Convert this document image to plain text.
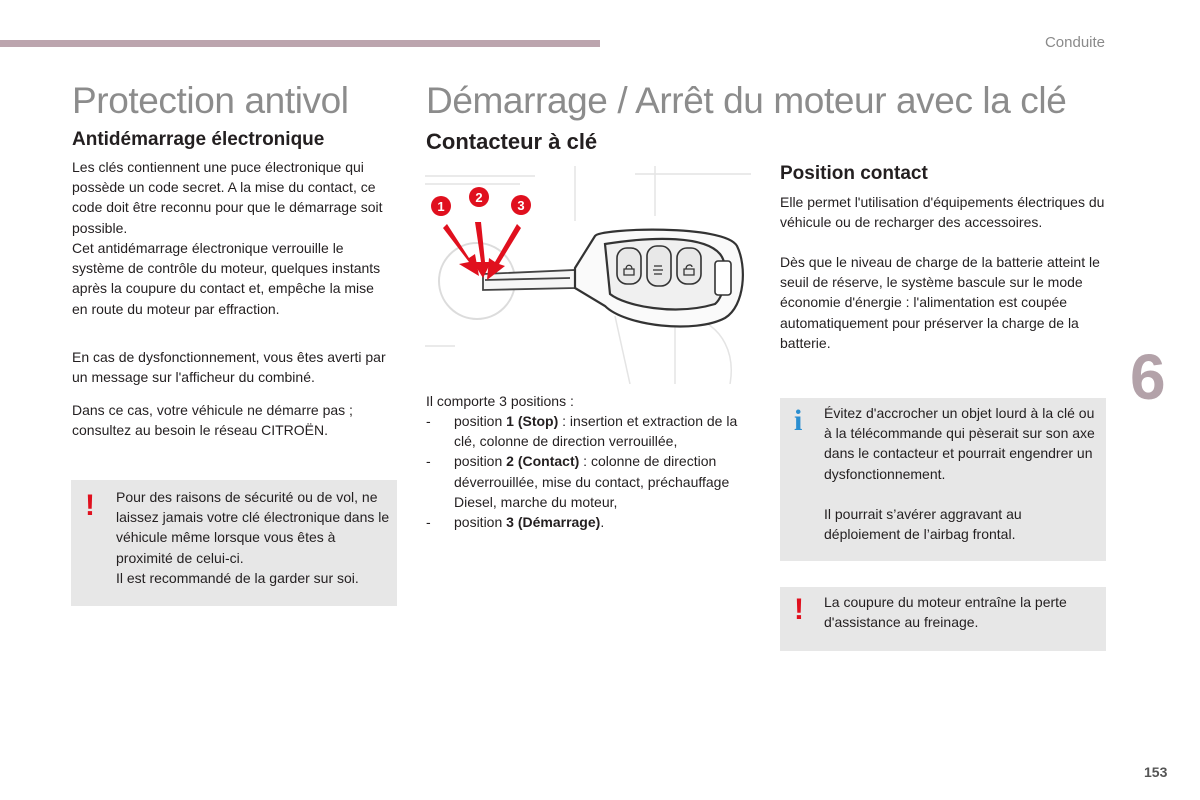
Conduite
6
153
Protection antivol
Antidémarrage électronique

Les clés contiennent une puce électronique qui possède un code secret. A la mise du contact, ce code doit être reconnu pour que le démarrage soit possible.

Cet antidémarrage électronique verrouille le système de contrôle du moteur, quelques instants après la coupure du contact et, empêche la mise en route du moteur par effraction.

En cas de dysfonctionnement, vous êtes averti par un message sur l'afficheur du combiné.

Dans ce cas, votre véhicule ne démarre pas ; consultez au besoin le réseau CITROËN.

! Pour des raisons de sécurité ou de vol, ne laissez jamais votre clé électronique dans le véhicule même lorsque vous êtes à proximité de celui-ci.

Il est recommandé de la garder sur soi.

Démarrage / Arrêt du moteur avec la clé
Contacteur à clé
1
2
3

Il comporte 3 positions :

- position 1 (Stop) : insertion et extraction de la clé, colonne de direction verrouillée,
- position 2 (Contact) : colonne de direction déverrouillée, mise du contact, préchauffage Diesel, marche du moteur,
- position 3 (Démarrage).
Position contact

Elle permet l'utilisation d'équipements électriques du véhicule ou de recharger des accessoires.

Dès que le niveau de charge de la batterie atteint le seuil de réserve, le système bascule sur le mode économie d'énergie : l'alimentation est coupée automatiquement pour préserver la charge de la batterie.

i Évitez d'accrocher un objet lourd à la clé ou à la télécommande qui pèserait sur son axe dans le contacteur et pourrait engendrer un dysfonctionnement.

Il pourrait s’avérer aggravant au déploiement de l’airbag frontal.

! La coupure du moteur entraîne la perte d'assistance au freinage.
